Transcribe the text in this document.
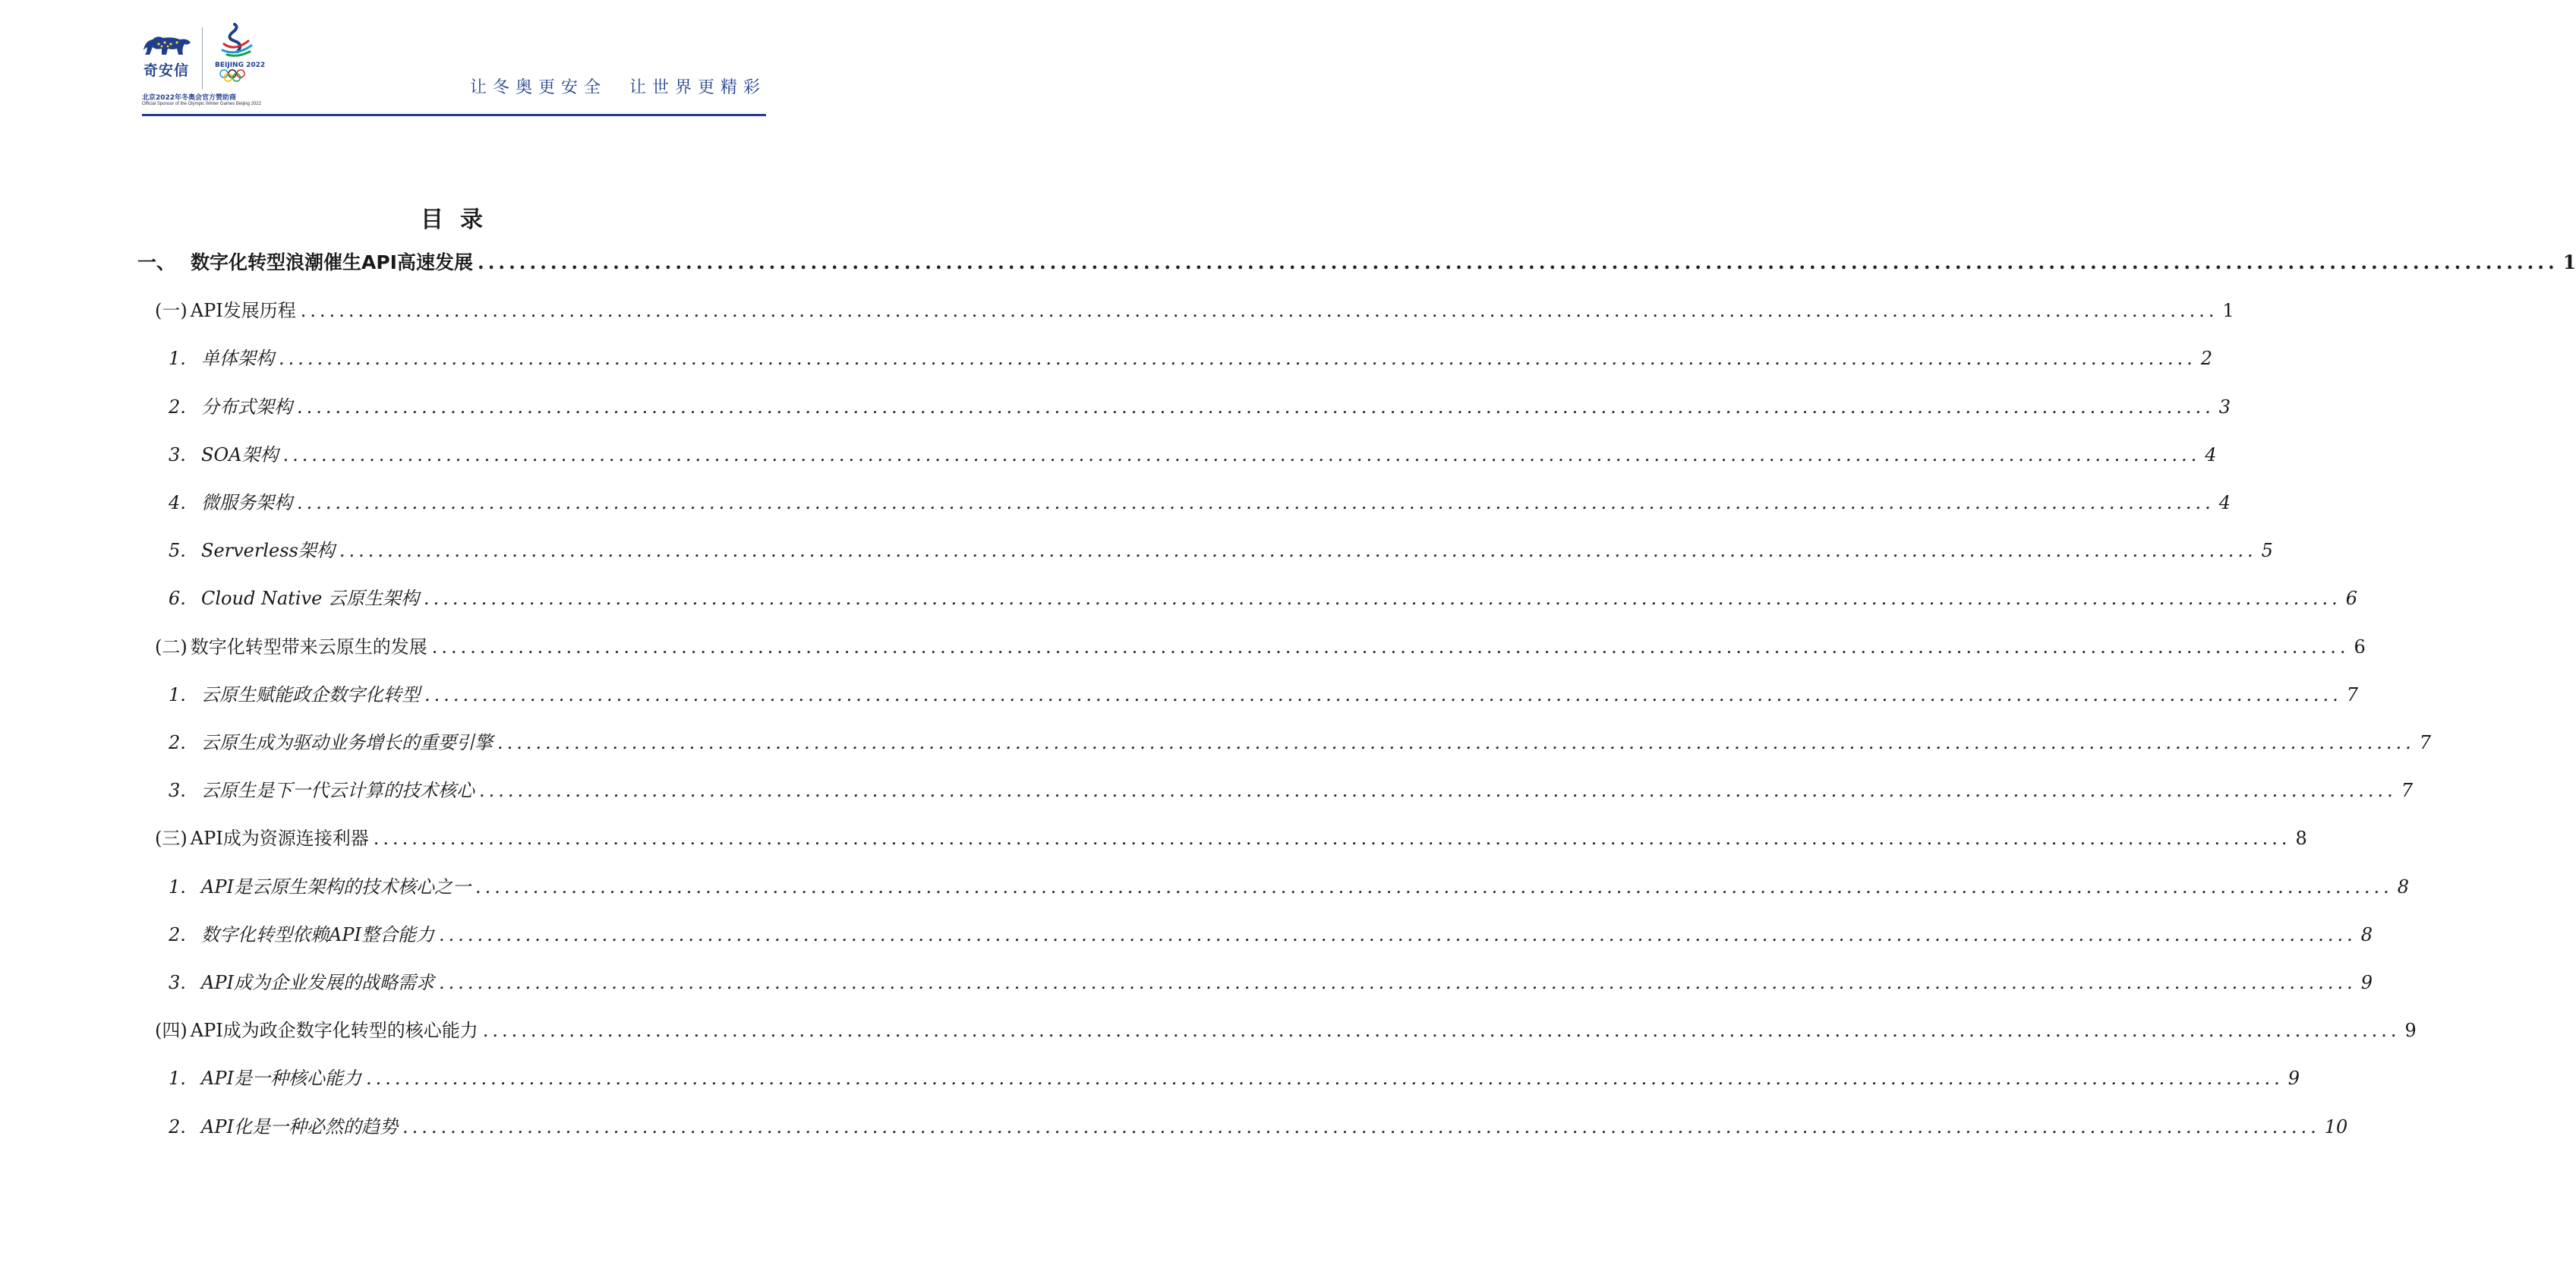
奇安信	BEIJING 2022
北京2022年冬奥会官方赞助商
Official Sponsor of the Olympic Winter Games Beijing 2022
让冬奥更安全　让世界更精彩
目录
一、 数字化转型浪潮催生API高速发展 ........................................................................................................................................................................................................ 1
(一) API发展历程 ........................................................................................................................................................................................................ 1
1. 单体架构 ........................................................................................................................................................................................................ 2
2. 分布式架构 ........................................................................................................................................................................................................ 3
3. SOA架构 ........................................................................................................................................................................................................ 4
4. 微服务架构 ........................................................................................................................................................................................................ 4
5. Serverless架构 ........................................................................................................................................................................................................ 5
6. Cloud Native 云原生架构 ........................................................................................................................................................................................................ 6
(二) 数字化转型带来云原生的发展 ........................................................................................................................................................................................................ 6
1. 云原生赋能政企数字化转型 ........................................................................................................................................................................................................ 7
2. 云原生成为驱动业务增长的重要引擎 ........................................................................................................................................................................................................ 7
3. 云原生是下一代云计算的技术核心 ........................................................................................................................................................................................................ 7
(三) API成为资源连接利器 ........................................................................................................................................................................................................ 8
1. API是云原生架构的技术核心之一 ........................................................................................................................................................................................................ 8
2. 数字化转型依赖API整合能力 ........................................................................................................................................................................................................ 8
3. API成为企业发展的战略需求 ........................................................................................................................................................................................................ 9
(四) API成为政企数字化转型的核心能力 ........................................................................................................................................................................................................ 9
1. API是一种核心能力 ........................................................................................................................................................................................................ 9
2. API化是一种必然的趋势 ........................................................................................................................................................................................................ 10
